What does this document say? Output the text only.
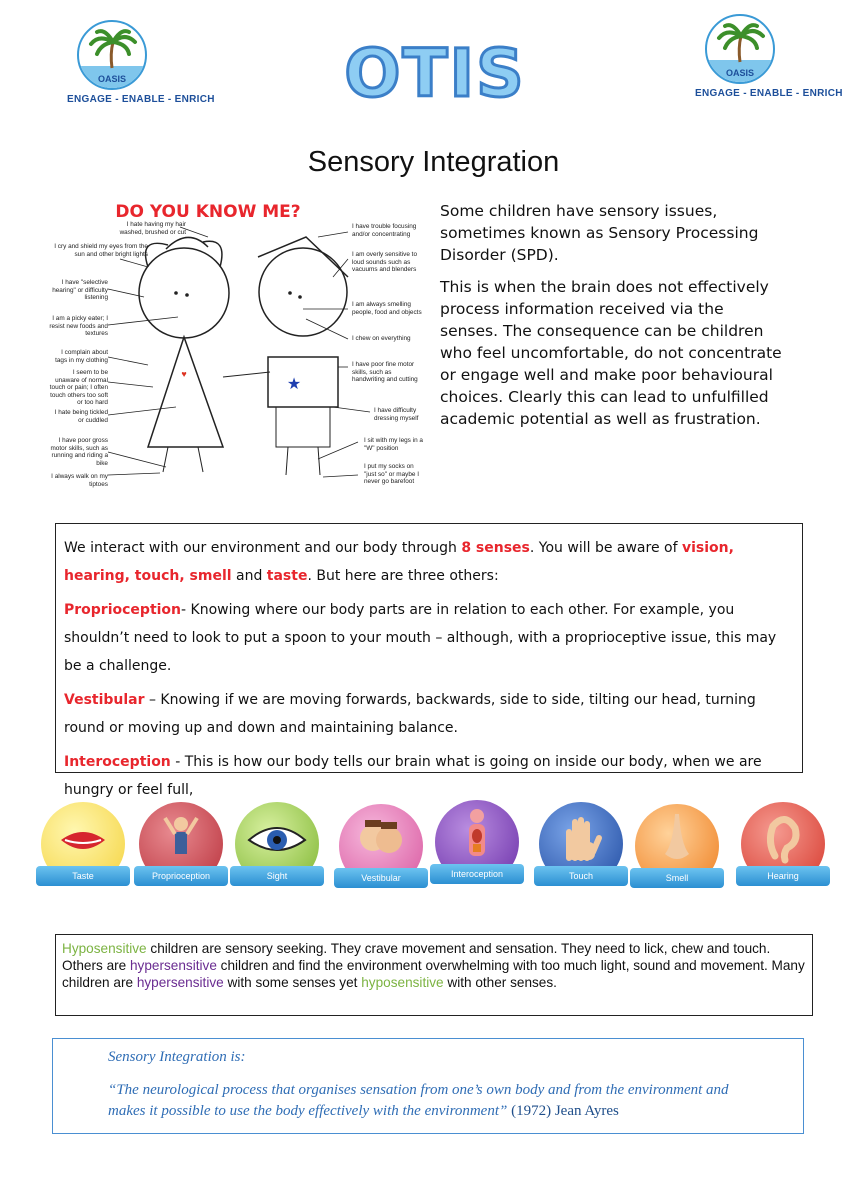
OASIS
ENGAGE - ENABLE - ENRICH OTIS	OASIS
ENGAGE - ENABLE - ENRICH
Sensory Integration
DO YOU KNOW ME?
♥
★
I hate having my hair washed, brushed or cut
I cry and shield my eyes from the sun and other bright lights
I have "selective hearing" or difficulty listening
I am a picky eater; I resist new foods and textures
I complain about tags in my clothing
I seem to be unaware of normal touch or pain; I often touch others too soft or too hard
I hate being tickled or cuddled
I have poor gross motor skills, such as running and riding a bike
I always walk on my tiptoes
I have trouble focusing and/or concentrating
I am overly sensitive to loud sounds such as vacuums and blenders
I am always smelling people, food and objects
I chew on everything
I have poor fine motor skills, such as handwriting and cutting
I have difficulty dressing myself
I sit with my legs in a "W" position
I put my socks on "just so" or maybe I never go barefoot

Some children have sensory issues, sometimes known as Sensory Processing Disorder (SPD).

This is when the brain does not effectively process information received via the senses. The consequence can be children who feel uncomfortable, do not concentrate or engage well and make poor behavioural choices. Clearly this can lead to unfulfilled academic potential as well as frustration.

We interact with our environment and our body through 8 senses. You will be aware of vision, hearing, touch, smell and taste. But here are three others:

Proprioception- Knowing where our body parts are in relation to each other. For example, you shouldn’t need to look to put a spoon to your mouth – although, with a proprioceptive issue, this may be a challenge.

Vestibular – Knowing if we are moving forwards, backwards, side to side, tilting our head, turning round or moving up and down and maintaining balance.

Interoception - This is how our body tells our brain what is going on inside our body, when we are hungry or feel full,

Taste	Proprioception	Sight	Vestibular	Interoception	Touch	Smell	Hearing
Hyposensitive children are sensory seeking. They crave movement and sensation. They need to lick, chew and touch. Others are hypersensitive children and find the environment overwhelming with too much light, sound and movement. Many children are hypersensitive with some senses yet hyposensitive with other senses.
Sensory Integration is:
“The neurological process that organises sensation from one’s own body and from the environment and makes it possible to use the body effectively with the environment” (1972) Jean Ayres
